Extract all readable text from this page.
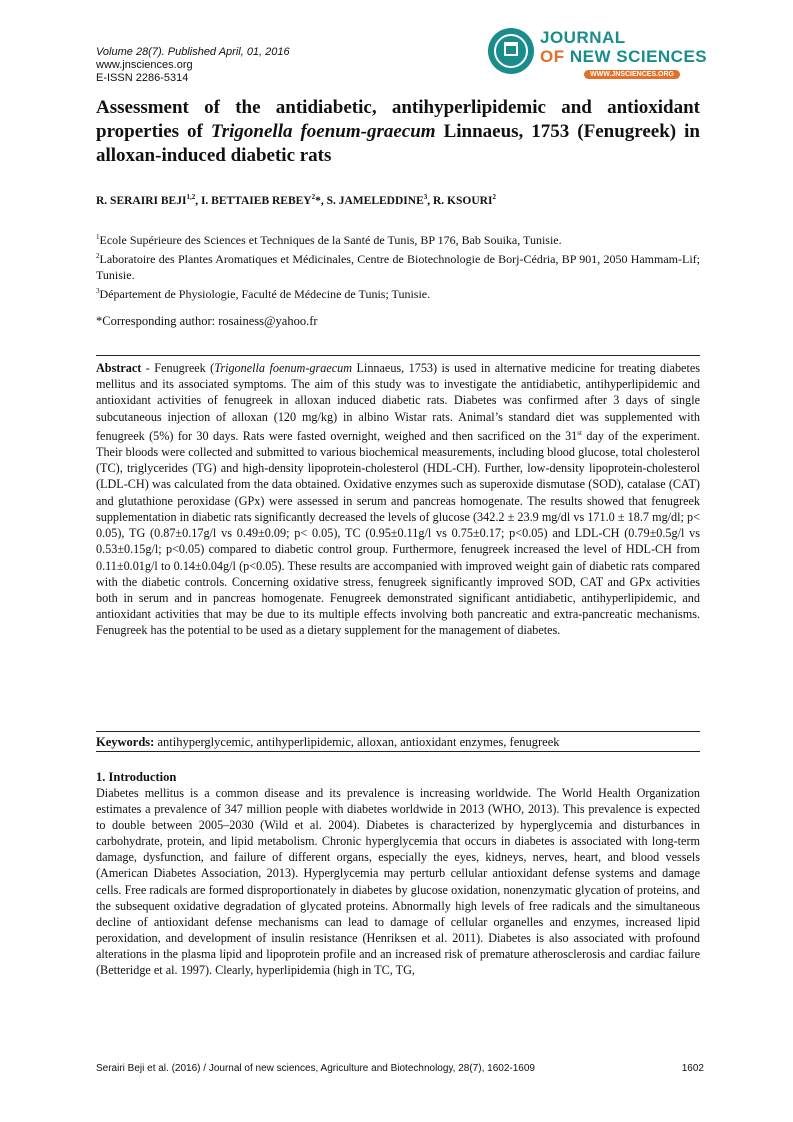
Volume 28(7). Published April, 01, 2016
www.jnsciences.org
E-ISSN 2286-5314
JOURNAL
OF NEW SCIENCES
WWW.JNSCIENCES.ORG
Assessment of the antidiabetic, antihyperlipidemic and antioxidant properties of Trigonella foenum-graecum Linnaeus, 1753 (Fenugreek) in alloxan-induced diabetic rats
R. SERAIRI BEJI$^{1,2}$, I. BETTAIEB REBEY$^2$*, S. JAMELEDDINE$^3$, R. KSOURI$^2$
$^1$Ecole Supérieure des Sciences et Techniques de la Santé de Tunis, BP 176, Bab Souika, Tunisie.
$^2$Laboratoire des Plantes Aromatiques et Médicinales, Centre de Biotechnologie de Borj-Cédria, BP 901, 2050 Hammam-Lif; Tunisie.
$^3$Département de Physiologie, Faculté de Médecine de Tunis; Tunisie.
*Corresponding author: rosainess@yahoo.fr
Abstract - Fenugreek (Trigonella foenum-graecum Linnaeus, 1753) is used in alternative medicine for treating diabetes mellitus and its associated symptoms. The aim of this study was to investigate the antidiabetic, antihyperlipidemic and antioxidant activities of fenugreek in alloxan induced diabetic rats. Diabetes was confirmed after 3 days of single subcutaneous injection of alloxan (120 mg/kg) in albino Wistar rats. Animal’s standard diet was supplemented with fenugreek (5%) for 30 days. Rats were fasted overnight, weighed and then sacrificed on the 31st day of the experiment. Their bloods were collected and submitted to various biochemical measurements, including blood glucose, total cholesterol (TC), triglycerides (TG) and high-density lipoprotein-cholesterol (HDL-CH). Further, low-density lipoprotein-cholesterol (LDL-CH) was calculated from the data obtained. Oxidative enzymes such as superoxide dismutase (SOD), catalase (CAT) and glutathione peroxidase (GPx) were assessed in serum and pancreas homogenate. The results showed that fenugreek supplementation in diabetic rats significantly decreased the levels of glucose (342.2 ± 23.9 mg/dl vs 171.0 ± 18.7 mg/dl; p< 0.05), TG (0.87±0.17g/l vs 0.49±0.09; p< 0.05), TC (0.95±0.11g/l vs 0.75±0.17; p<0.05) and LDL-CH (0.79±0.5g/l vs 0.53±0.15g/l; p<0.05) compared to diabetic control group. Furthermore, fenugreek increased the level of HDL-CH from 0.11±0.01g/l to 0.14±0.04g/l (p<0.05). These results are accompanied with improved weight gain of diabetic rats compared with the diabetic controls. Concerning oxidative stress, fenugreek significantly improved SOD, CAT and GPx activities both in serum and in pancreas homogenate. Fenugreek demonstrated significant antidiabetic, antihyperlipidemic, and antioxidant activities that may be due to its multiple effects involving both pancreatic and extra-pancreatic mechanisms. Fenugreek has the potential to be used as a dietary supplement for the management of diabetes.
Keywords: antihyperglycemic, antihyperlipidemic, alloxan, antioxidant enzymes, fenugreek
1. Introduction
Diabetes mellitus is a common disease and its prevalence is increasing worldwide. The World Health Organization estimates a prevalence of 347 million people with diabetes worldwide in 2013 (WHO, 2013). This prevalence is expected to double between 2005–2030 (Wild et al. 2004). Diabetes is characterized by hyperglycemia and disturbances in carbohydrate, protein, and lipid metabolism. Chronic hyperglycemia that occurs in diabetes is associated with long-term damage, dysfunction, and failure of different organs, especially the eyes, kidneys, nerves, heart, and blood vessels (American Diabetes Association, 2013). Hyperglycemia may perturb cellular antioxidant defense systems and damage cells. Free radicals are formed disproportionately in diabetes by glucose oxidation, nonenzymatic glycation of proteins, and the subsequent oxidative degradation of glycated proteins. Abnormally high levels of free radicals and the simultaneous decline of antioxidant defense mechanisms can lead to damage of cellular organelles and enzymes, increased lipid peroxidation, and development of insulin resistance (Henriksen et al. 2011). Diabetes is also associated with profound alterations in the plasma lipid and lipoprotein profile and an increased risk of premature atherosclerosis and cardiac failure (Betteridge et al. 1997). Clearly, hyperlipidemia (high in TC, TG,
Serairi Beji et al. (2016) / Journal of new sciences, Agriculture and Biotechnology, 28(7), 1602-1609	1602
